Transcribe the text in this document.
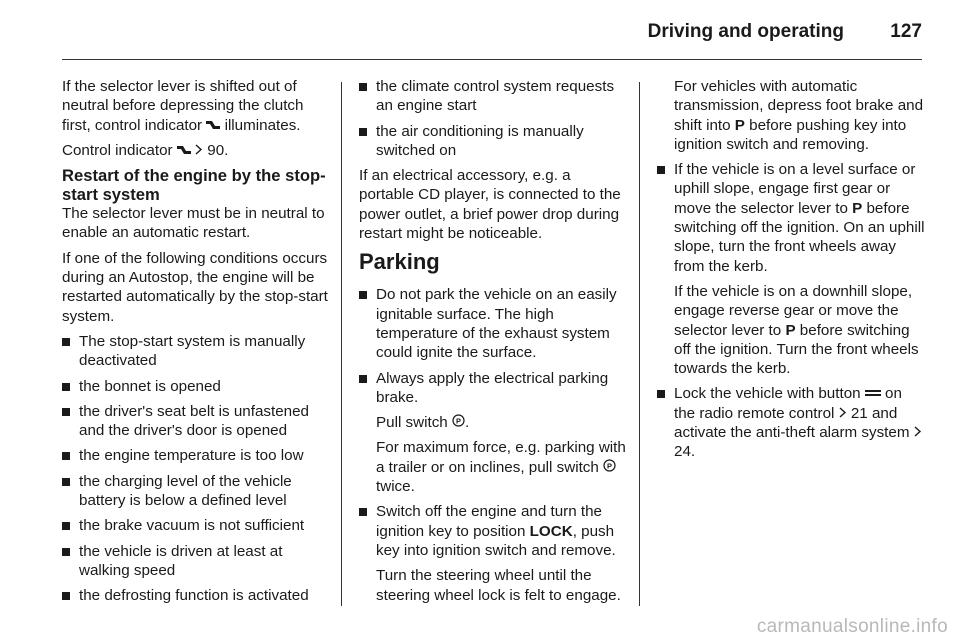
Driving and operating 127

If the selector lever is shifted out of neutral before depressing the clutch first, control indicator  illuminates.

Control indicator   90.

Restart of the engine by the stop-start system

The selector lever must be in neutral to enable an automatic restart.

If one of the following conditions occurs during an Autostop, the engine will be restarted automatically by the stop-start system.

The stop-start system is manually deactivated
the bonnet is opened
the driver's seat belt is unfastened and the driver's door is opened
the engine temperature is too low
the charging level of the vehicle battery is below a defined level
the brake vacuum is not sufficient
the vehicle is driven at least at walking speed
the defrosting function is activated
the climate control system requests an engine start
the air conditioning is manually switched on

If an electrical accessory, e.g. a portable CD player, is connected to the power outlet, a brief power drop during restart might be noticeable.

Parking
Do not park the vehicle on an easily ignitable surface. The high temperature of the exhaust system could ignite the surface.
Always apply the electrical parking brake.

Pull switch P .

For maximum force, e.g. parking with a trailer or on inclines, pull switch P
twice.

Switch off the engine and turn the ignition key to position LOCK, push key into ignition switch and remove.

Turn the steering wheel until the steering wheel lock is felt to engage.

For vehicles with automatic transmission, depress foot brake and shift into P before pushing key into ignition switch and removing.

If the vehicle is on a level surface or uphill slope, engage first gear or move the selector lever to P before switching off the ignition. On an uphill slope, turn the front wheels away from the kerb.

If the vehicle is on a downhill slope, engage reverse gear or move the selector lever to P before switching off the ignition. Turn the front wheels towards the kerb.

Lock the vehicle with button  on the radio remote control  21 and activate the anti-theft alarm system  24.
carmanualsonline.info
